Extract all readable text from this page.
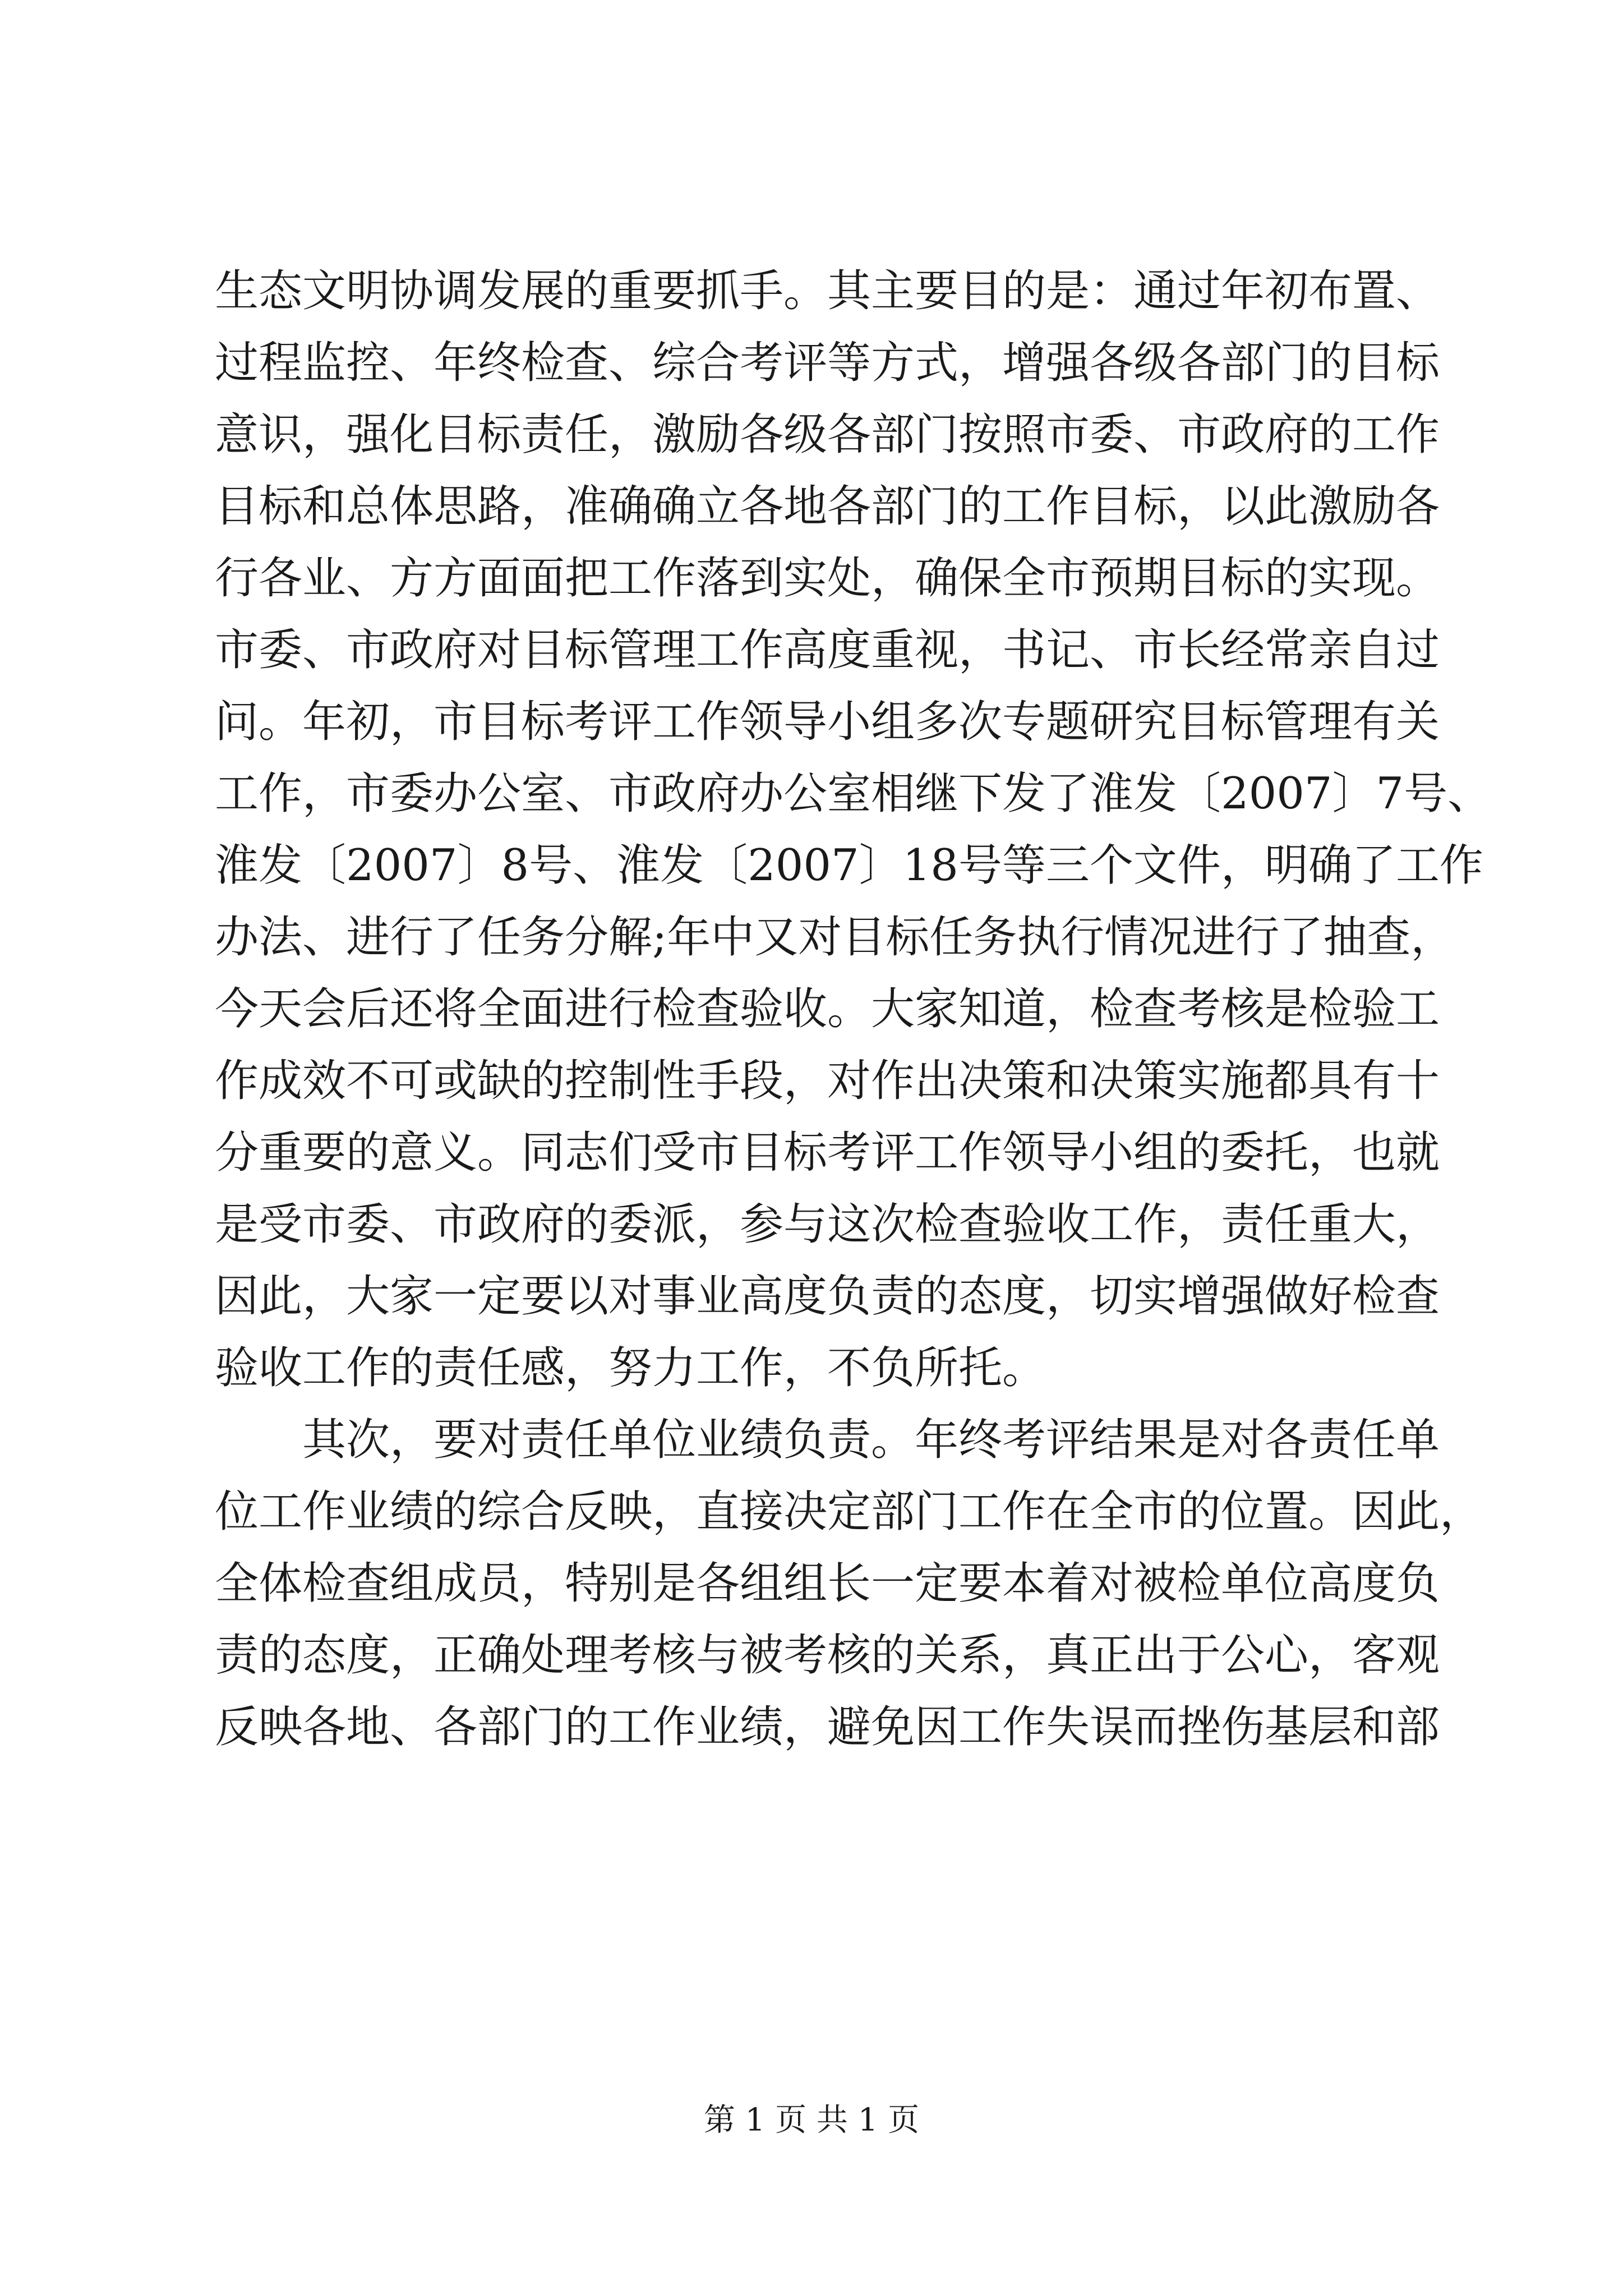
生态文明协调发展的重要抓手。其主要目的是：通过年初布置、
过程监控、年终检查、综合考评等方式，增强各级各部门的目标
意识，强化目标责任，激励各级各部门按照市委、市政府的工作
目标和总体思路，准确确立各地各部门的工作目标，以此激励各
行各业、方方面面把工作落到实处，确保全市预期目标的实现。
市委、市政府对目标管理工作高度重视，书记、市长经常亲自过
问。年初，市目标考评工作领导小组多次专题研究目标管理有关
工作，市委办公室、市政府办公室相继下发了淮发〔2007〕7号、
淮发〔2007〕8号、淮发〔2007〕18号等三个文件，明确了工作
办法、进行了任务分解;年中又对目标任务执行情况进行了抽查，
今天会后还将全面进行检查验收。大家知道，检查考核是检验工
作成效不可或缺的控制性手段，对作出决策和决策实施都具有十
分重要的意义。同志们受市目标考评工作领导小组的委托，也就
是受市委、市政府的委派，参与这次检查验收工作，责任重大，
因此，大家一定要以对事业高度负责的态度，切实增强做好检查
验收工作的责任感，努力工作，不负所托。
其次，要对责任单位业绩负责。年终考评结果是对各责任单
位工作业绩的综合反映，直接决定部门工作在全市的位置。因此，
全体检查组成员，特别是各组组长一定要本着对被检单位高度负
责的态度，正确处理考核与被考核的关系，真正出于公心，客观
反映各地、各部门的工作业绩，避免因工作失误而挫伤基层和部
第 1 页 共 1 页
